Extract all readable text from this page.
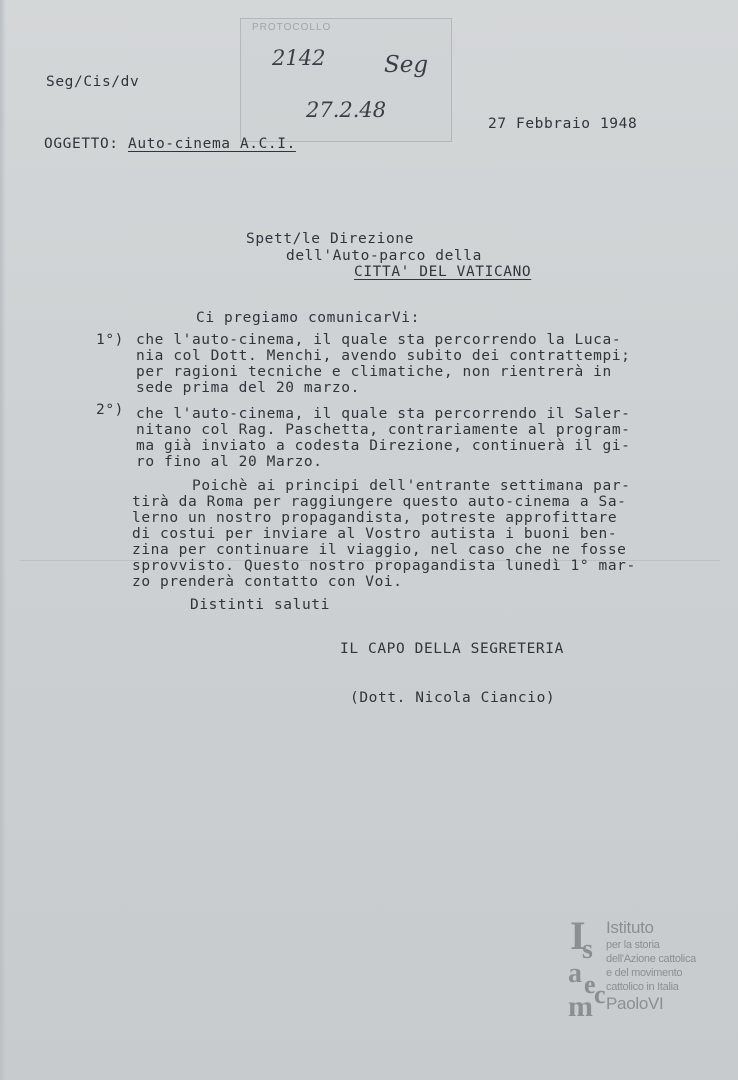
Seg/Cis/dv
PROTOCOLLO
2142	Seg
27.2.48
27 Febbraio 1948
OGGETTO: Auto-cinema A.C.I.
Spett/le Direzione
dell'Auto-parco della
CITTA' DEL VATICANO
Ci pregiamo comunicarVi:
1°) che l'auto-cinema, il quale sta percorrendo la Luca-
nia col Dott. Menchi, avendo subito dei contrattempi;
per ragioni tecniche e climatiche, non rientrerà in
sede prima del 20 marzo.
2°) che l'auto-cinema, il quale sta percorrendo il Saler-
nitano col Rag. Paschetta, contrariamente al program-
ma già inviato a codesta Direzione, continuerà il gi-
ro fino al 20 Marzo.
Poichè ai principi dell'entrante settimana par-
tirà da Roma per raggiungere questo auto-cinema a Sa-
lerno un nostro propagandista, potreste approfittare
di costui per inviare al Vostro autista i buoni ben-
zina per continuare il viaggio, nel caso che ne fosse
sprovvisto. Questo nostro propagandista lunedì 1° mar-
zo prenderà contatto con Voi.
Distinti saluti
IL CAPO DELLA SEGRETERIA
(Dott. Nicola Ciancio)
I
s
a e
c
m
Istituto
per la storia
dell'Azione cattolica
e del movimento
cattolico in Italia
PaoloVI
